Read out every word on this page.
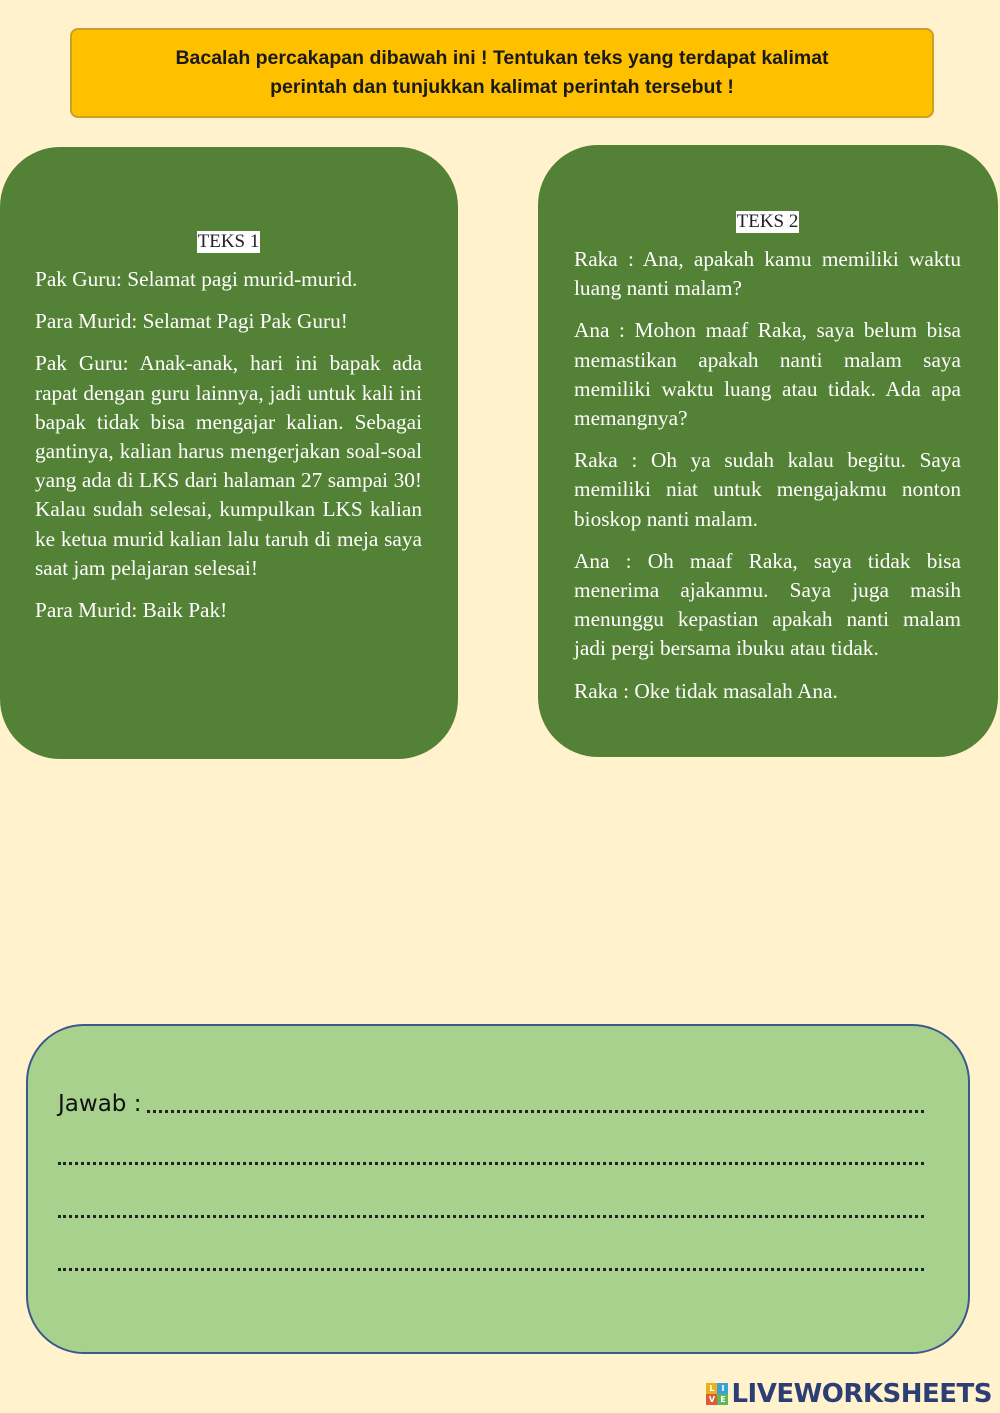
Bacalah percakapan dibawah ini ! Tentukan teks yang terdapat kalimat
perintah dan tunjukkan kalimat perintah tersebut !
TEKS 1

Pak Guru: Selamat pagi murid-murid.

Para Murid: Selamat Pagi Pak Guru!

Pak Guru: Anak-anak, hari ini bapak ada rapat dengan guru lainnya, jadi untuk kali ini bapak tidak bisa mengajar kalian. Sebagai gantinya, kalian harus mengerjakan soal-soal yang ada di LKS dari halaman 27 sampai 30! Kalau sudah selesai, kumpulkan LKS kalian ke ketua murid kalian lalu taruh di meja saya saat jam pelajaran selesai!

Para Murid: Baik Pak!

TEKS 2

Raka : Ana, apakah kamu memiliki waktu luang nanti malam?

Ana : Mohon maaf Raka, saya belum bisa memastikan apakah nanti malam saya memiliki waktu luang atau tidak. Ada apa memangnya?

Raka : Oh ya sudah kalau begitu. Saya memiliki niat untuk mengajakmu nonton bioskop nanti malam.

Ana : Oh maaf Raka, saya tidak bisa menerima ajakanmu. Saya juga masih menunggu kepastian apakah nanti malam jadi pergi bersama ibuku atau tidak.

Raka : Oke tidak masalah Ana.

Jawab :
L I
V E LIVEWORKSHEETS
